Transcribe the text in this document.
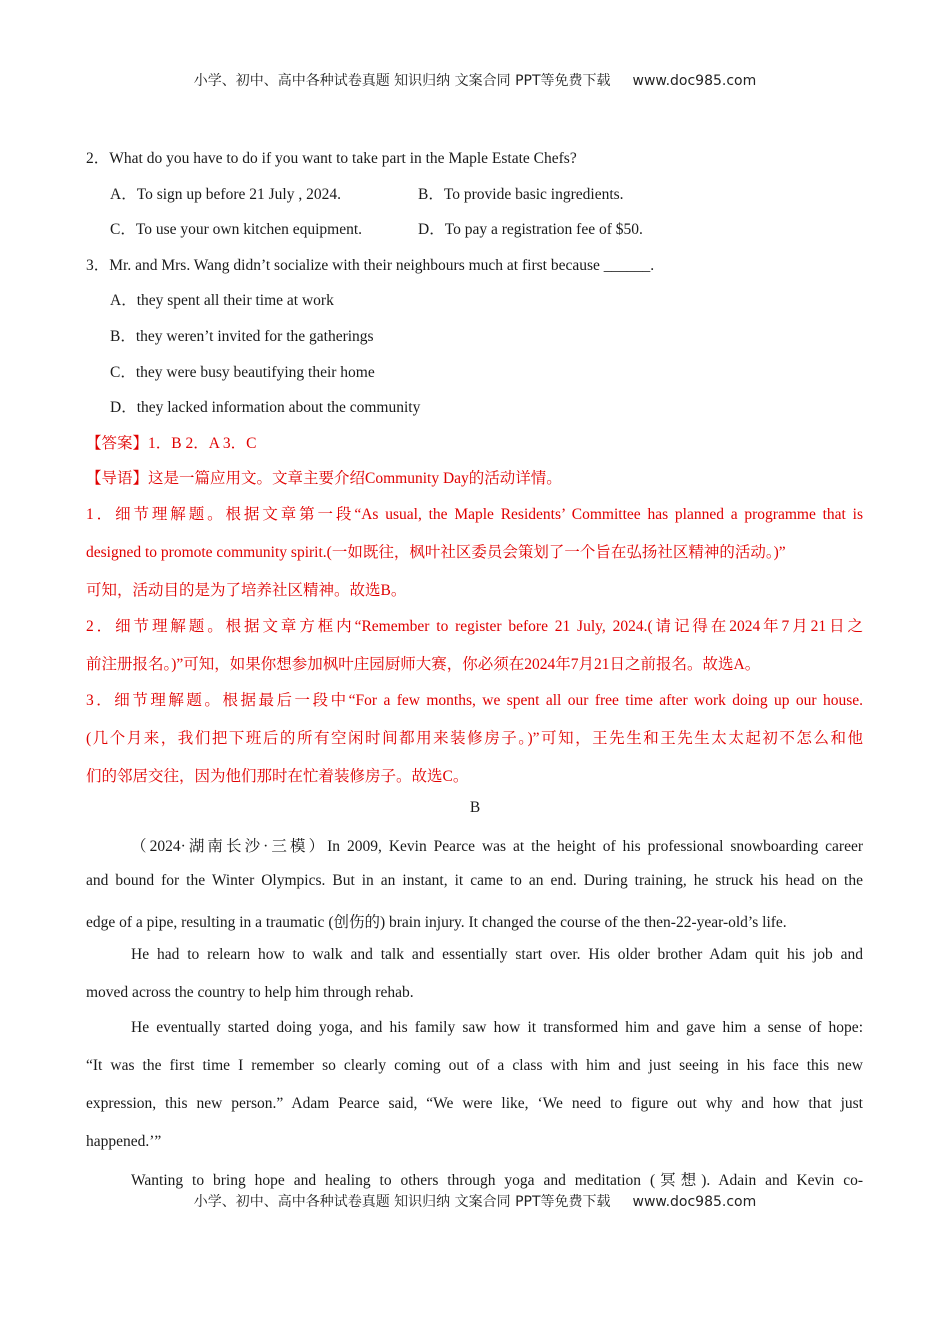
小学、初中、高中各种试卷真题 知识归纳 文案合同 PPT等免费下载 www.doc985.com
2．What do you have to do if you want to take part in the Maple Estate Chefs?
A．To sign up before 21 July , 2024.	B．To provide basic ingredients.
C．To use your own kitchen equipment.	D．To pay a registration fee of $50.
3．Mr. and Mrs. Wang didn’t socialize with their neighbours much at first because ______.
A．they spent all their time at work
B．they weren’t invited for the gatherings
C．they were busy beautifying their home
D．they lacked information about the community
【答案】1．B 2．A 3．C
【导语】这是一篇应用文。文章主要介绍Community Day的活动详情。
1．细节理解题。根据文章第一段“As usual, the Maple Residents’ Committee has planned a programme that is
designed to promote community spirit.(一如既往，枫叶社区委员会策划了一个旨在弘扬社区精神的活动。)”
可知，活动目的是为了培养社区精神。故选B。
2．细节理解题。根据文章方框内“Remember to register before 21 July, 2024.(请记得在2024年7月21日之
前注册报名。)”可知，如果你想参加枫叶庄园厨师大赛，你必须在2024年7月21日之前报名。故选A。
3．细节理解题。根据最后一段中“For a few months, we spent all our free time after work doing up our house.
(几个月来，我们把下班后的所有空闲时间都用来装修房子。)”可知，王先生和王先生太太起初不怎么和他
们的邻居交往，因为他们那时在忙着装修房子。故选C。
B
（2024·湖南长沙·三模）In 2009, Kevin Pearce was at the height of his professional snowboarding career
and bound for the Winter Olympics. But in an instant, it came to an end. During training, he struck his head on the
edge of a pipe, resulting in a traumatic (创伤的) brain injury. It changed the course of the then-22-year-old’s life.
He had to relearn how to walk and talk and essentially start over. His older brother Adam quit his job and
moved across the country to help him through rehab.
He eventually started doing yoga, and his family saw how it transformed him and gave him a sense of hope:
“It was the first time I remember so clearly coming out of a class with him and just seeing in his face this new
expression, this new person.” Adam Pearce said, “We were like, ‘We need to figure out why and how that just
happened.’”
Wanting to bring hope and healing to others through yoga and meditation (冥想). Adain and Kevin co-
小学、初中、高中各种试卷真题 知识归纳 文案合同 PPT等免费下载 www.doc985.com
